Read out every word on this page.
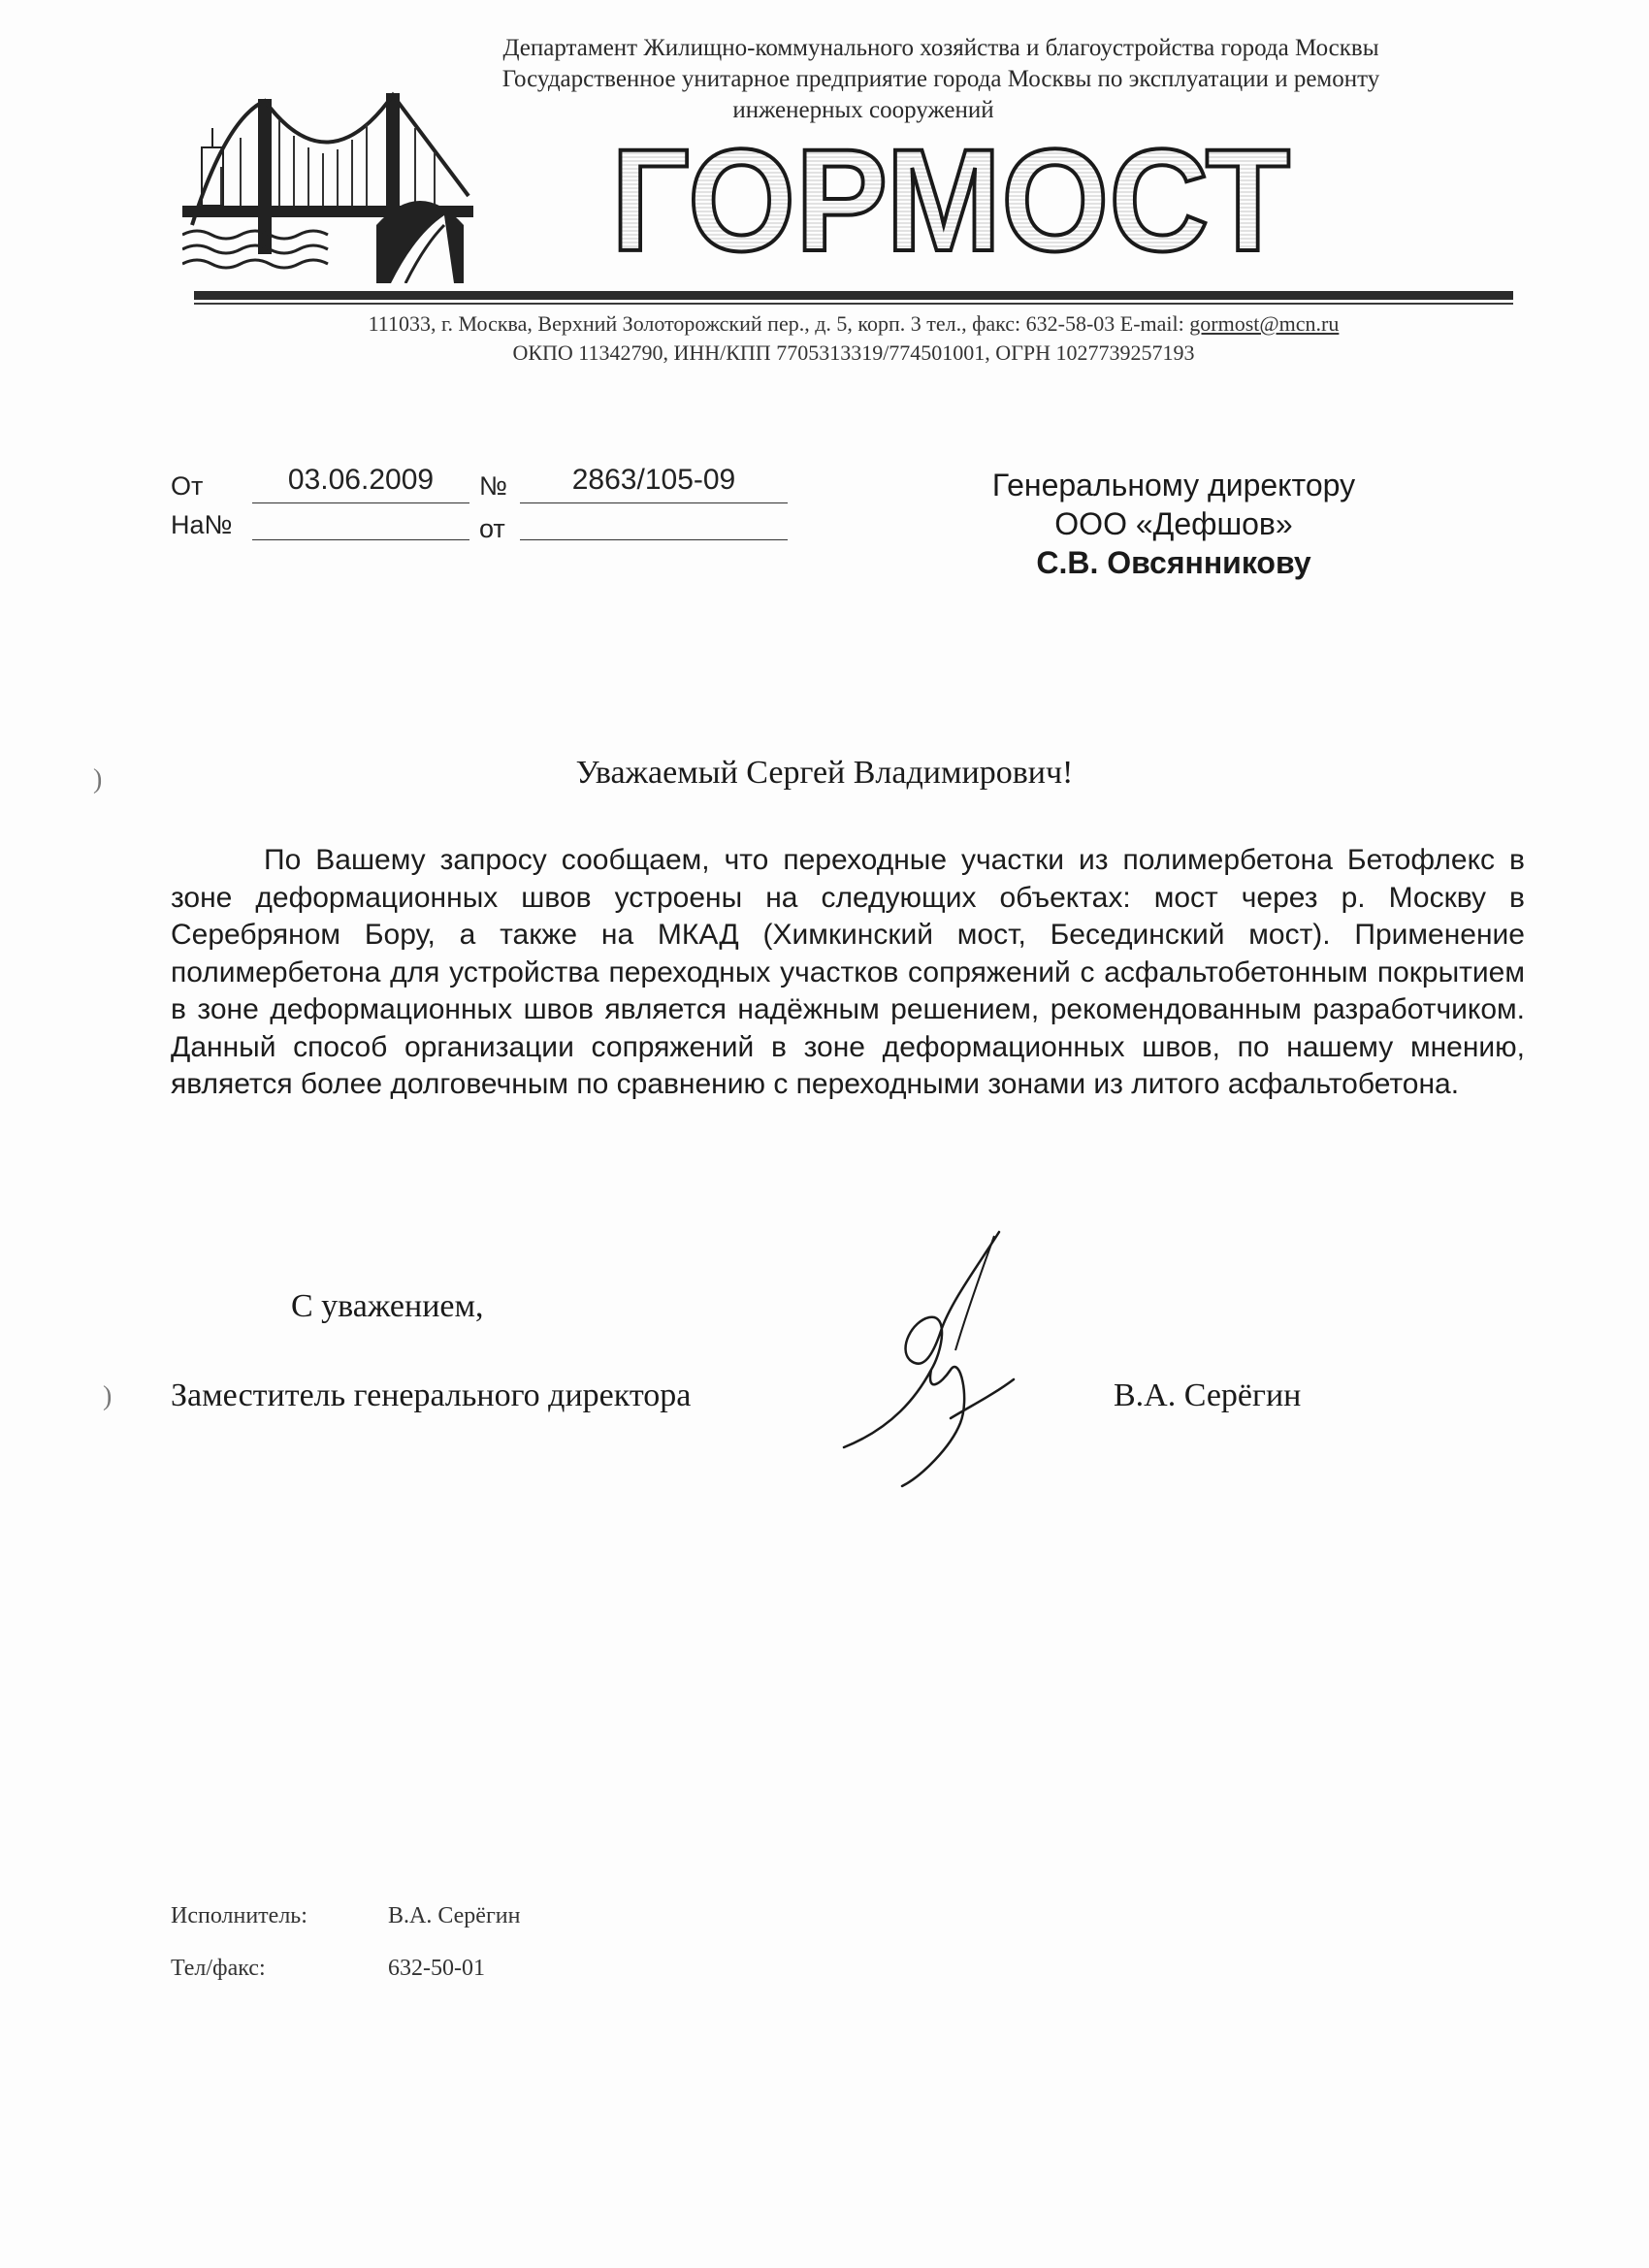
Департамент Жилищно-коммунального хозяйства и благоустройства города Москвы
Государственное унитарное предприятие города Москвы по эксплуатации и ремонту
инженерных сооружений
ГОРМОСТ
111033, г. Москва, Верхний Золоторожский пер., д. 5, корп. 3 тел., факс: 632-58-03 E-mail: gormost@mcn.ru
ОКПО 11342790, ИНН/КПП 7705313319/774501001, ОГРН 1027739257193
От	03.06.2009	№	2863/105-09
На№	от
Генеральному директору
ООО «Дефшов»
С.В. Овсянникову
)
)
Уважаемый Сергей Владимирович!
По Вашему запросу сообщаем, что переходные участки из полимербетона Бетофлекс в зоне деформационных швов устроены на следующих объектах: мост через р. Москву в Серебряном Бору, а также на МКАД (Химкинский мост, Бесединский мост). Применение полимербетона для устройства переходных участков сопряжений с асфальтобетонным покрытием в зоне деформационных швов является надёжным решением, рекомендованным разработчиком. Данный способ организации сопряжений в зоне деформационных швов, по нашему мнению, является более долговечным по сравнению с переходными зонами из литого асфальтобетона.
С уважением,
Заместитель генерального директора	В.А. Серёгин
Исполнитель:	В.А. Серёгин
Тел/факс:	632-50-01
